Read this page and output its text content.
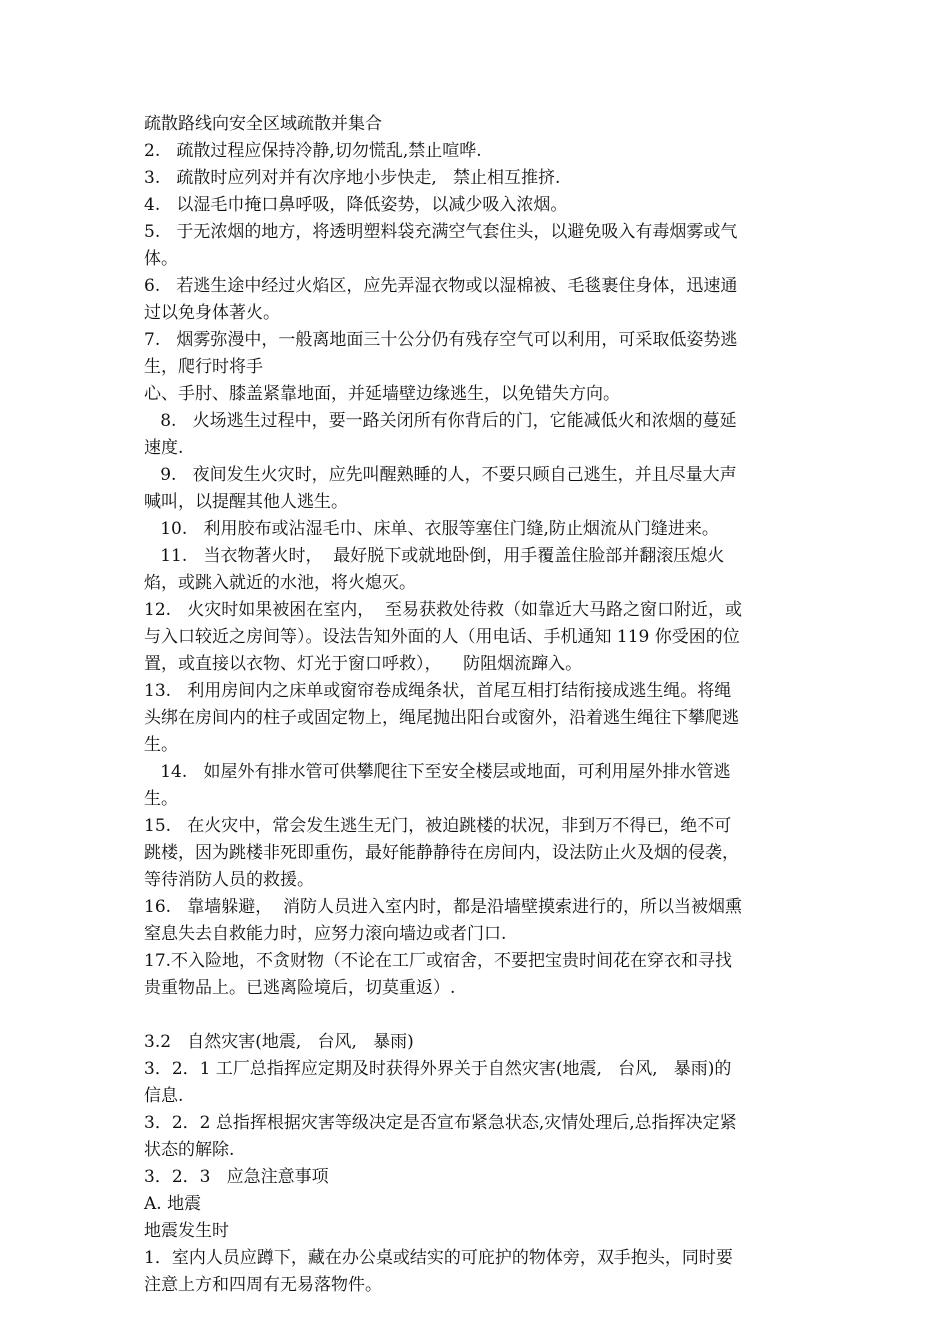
疏散路线向安全区域疏散并集合
2.   疏散过程应保持冷静,切勿慌乱,禁止喧哗.
3.   疏散时应列对并有次序地小步快走,   禁止相互推挤.
4.   以湿毛巾掩口鼻呼吸，降低姿势，以减少吸入浓烟。
5.   于无浓烟的地方，将透明塑料袋充满空气套住头，以避免吸入有毒烟雾或气
体。
6.   若逃生途中经过火焰区，应先弄湿衣物或以湿棉被、毛毯裹住身体，迅速通
过以免身体著火。
7.   烟雾弥漫中，一般离地面三十公分仍有残存空气可以利用，可采取低姿势逃
生，爬行时将手
心、手肘、膝盖紧靠地面，并延墙壁边缘逃生，以免错失方向。
8.   火场逃生过程中，要一路关闭所有你背后的门，它能减低火和浓烟的蔓延
速度.
9.   夜间发生火灾时，应先叫醒熟睡的人，不要只顾自己逃生，并且尽量大声
喊叫，以提醒其他人逃生。
10.   利用胶布或沾湿毛巾、床单、衣服等塞住门缝,防止烟流从门缝进来。
11.   当衣物著火时，  最好脱下或就地卧倒，用手覆盖住脸部并翻滚压熄火
焰，或跳入就近的水池，将火熄灭。
12.   火灾时如果被困在室内，  至易获救处待救（如靠近大马路之窗口附近，或
与入口较近之房间等）。设法告知外面的人（用电话、手机通知 119 你受困的位
置，或直接以衣物、灯光于窗口呼救），    防阻烟流蹿入。
13.   利用房间内之床单或窗帘卷成绳条状，首尾互相打结衔接成逃生绳。将绳
头绑在房间内的柱子或固定物上，绳尾抛出阳台或窗外，沿着逃生绳往下攀爬逃
生。
14.   如屋外有排水管可供攀爬往下至安全楼层或地面，可利用屋外排水管逃
生。
15.   在火灾中，常会发生逃生无门，被迫跳楼的状况，非到万不得已，绝不可
跳楼，因为跳楼非死即重伤，最好能静静待在房间内，设法防止火及烟的侵袭，
等待消防人员的救援。
16.   靠墙躲避，  消防人员进入室内时，都是沿墙壁摸索进行的，所以当被烟熏
窒息失去自救能力时，应努力滚向墙边或者门口.
17.不入险地，不贪财物（不论在工厂或宿舍，不要把宝贵时间花在穿衣和寻找
贵重物品上。已逃离险境后，切莫重返）.
3.2   自然灾害(地震,   台风,   暴雨)
3．2．1 工厂总指挥应定期及时获得外界关于自然灾害(地震,   台风,   暴雨)的
信息.
3．2．2 总指挥根据灾害等级决定是否宣布紧急状态,灾情处理后,总指挥决定紧
状态的解除.
3．2．3   应急注意事项
A. 地震
地震发生时
1．室内人员应蹲下，藏在办公桌或结实的可庇护的物体旁，双手抱头，同时要
注意上方和四周有无易落物件。
